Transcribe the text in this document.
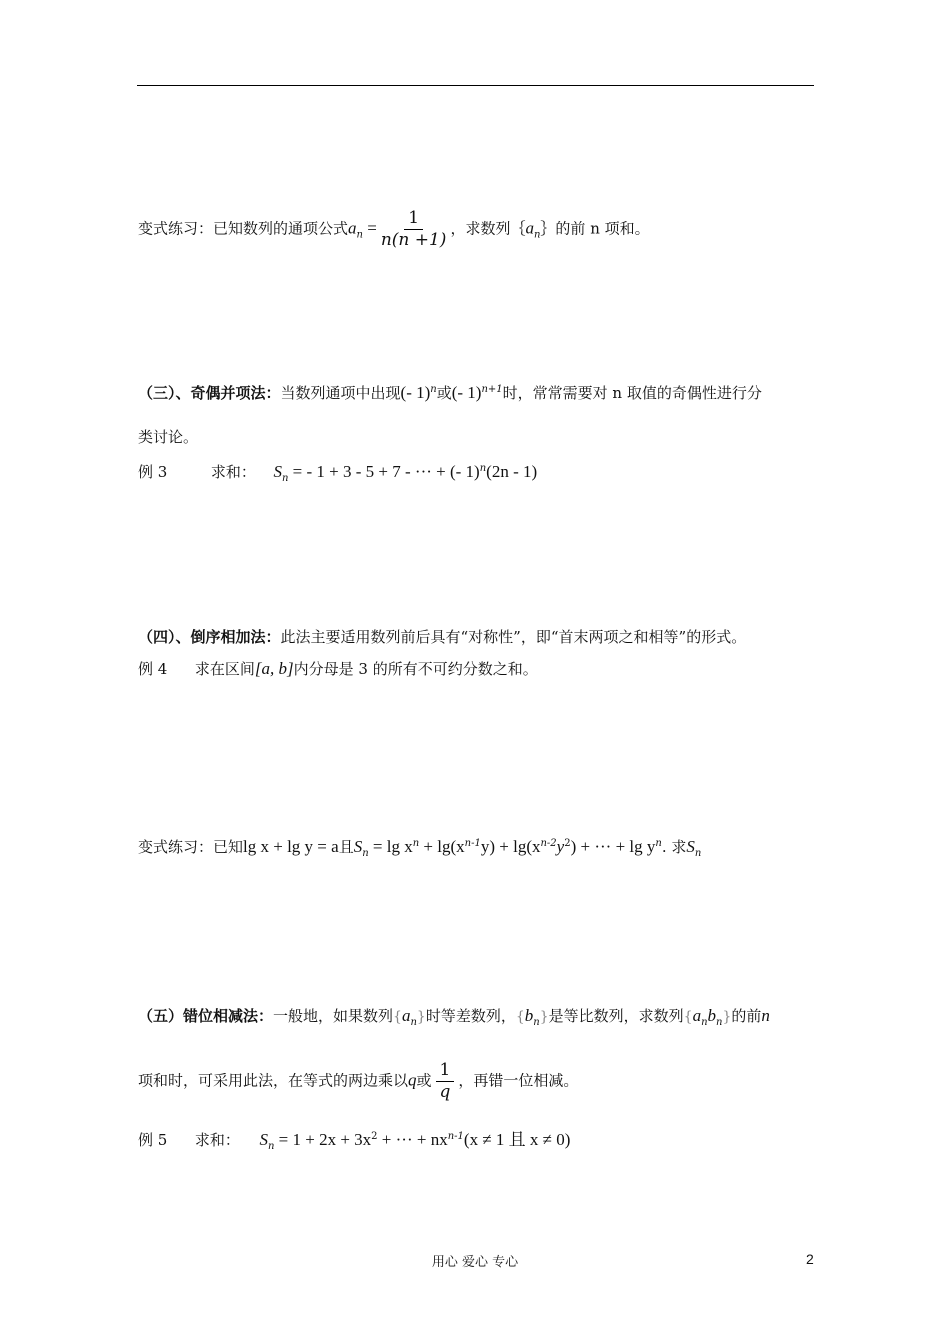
变式练习：已知数列的通项公式$a_n = \frac{1}{n(n +1)}$ ，求数列$\{a_n\}$的前 n 项和。
（三）、奇偶并项法：当数列通项中出现(- 1)$^n$或(- 1)$^{n+1}$时，常常需要对 n 取值的奇偶性进行分
类讨论。
例 3	求和： $S_n$ = - 1 + 3 - 5 + 7 - ··· + (- 1)$^n$(2n - 1)
（四）、倒序相加法：此法主要适用数列前后具有“对称性”，即“首末两项之和相等”的形式。
例 4 求在区间[a, b]内分母是 3 的所有不可约分数之和。
变式练习：已知lg x + lg y = a且$S_n = \lg x^n + \lg(x^{n-1}y) + \lg(x^{n-2}y^2)$ + ··· + $\lg y^n$. 求$S_n$
（五）错位相减法：一般地，如果数列$\{a_n\}$时等差数列，$\{b_n\}$是等比数列，求数列$\{a_nb_n\}$的前n
项和时，可采用此法，在等式的两边乘以q或 $\frac{1}{q}$ ，再错一位相减。
例 5 求和： $S_n = 1 + 2x + 3x^2$ + ··· + $nx^{n-1}(x \ne 1$ 且 x ≠ 0)
用心 爱心 专心	2
